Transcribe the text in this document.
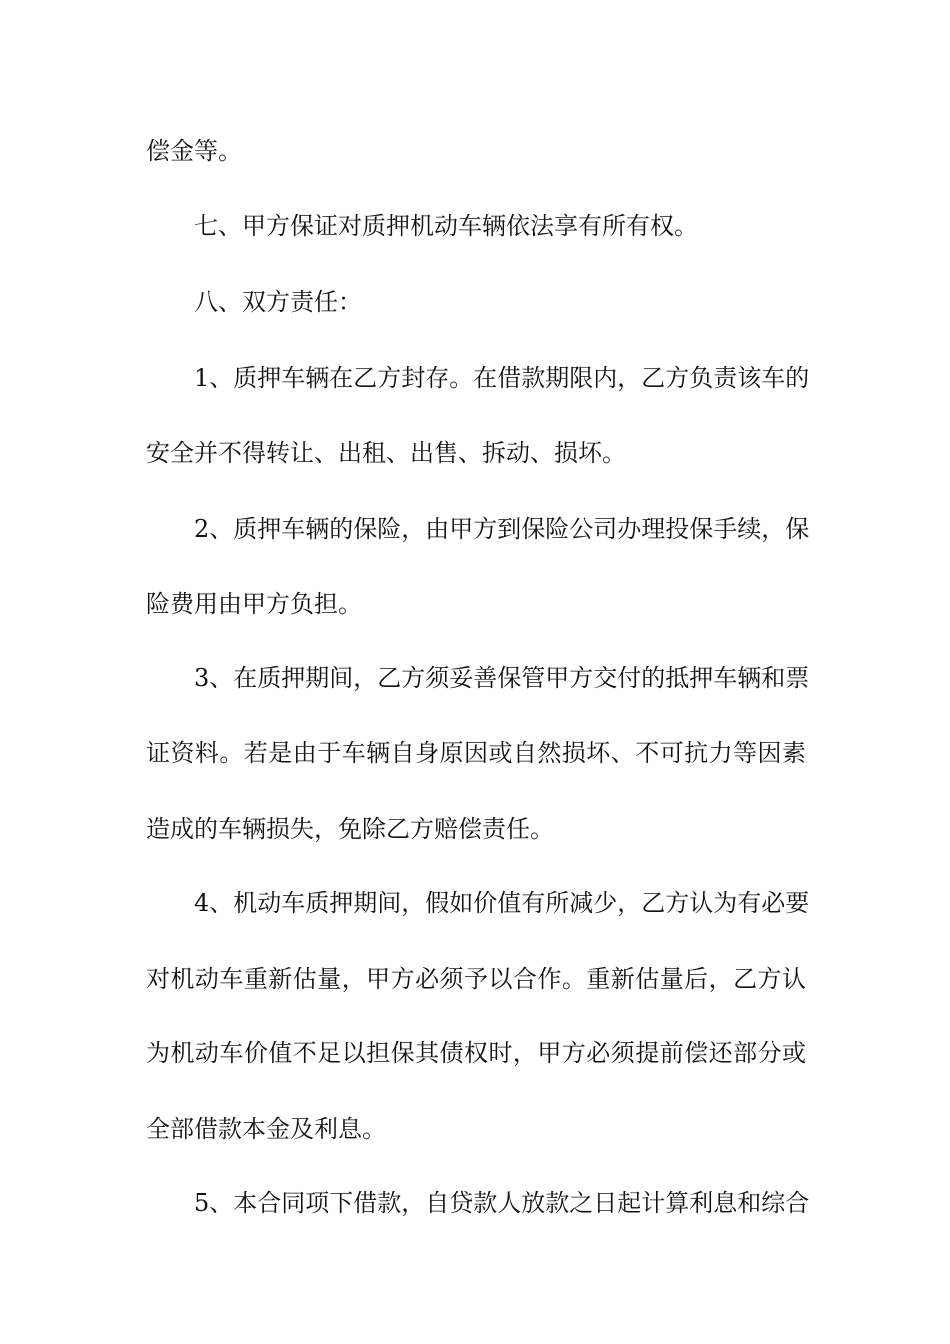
偿金等。
七、甲方保证对质押机动车辆依法享有所有权。
八、双方责任：
1、质押车辆在乙方封存。在借款期限内，乙方负责该车的
安全并不得转让、出租、出售、拆动、损坏。
2、质押车辆的保险，由甲方到保险公司办理投保手续，保
险费用由甲方负担。
3、在质押期间，乙方须妥善保管甲方交付的抵押车辆和票
证资料。若是由于车辆自身原因或自然损坏、不可抗力等因素
造成的车辆损失，免除乙方赔偿责任。
4、机动车质押期间，假如价值有所减少，乙方认为有必要
对机动车重新估量，甲方必须予以合作。重新估量后，乙方认
为机动车价值不足以担保其债权时，甲方必须提前偿还部分或
全部借款本金及利息。
5、本合同项下借款，自贷款人放款之日起计算利息和综合
